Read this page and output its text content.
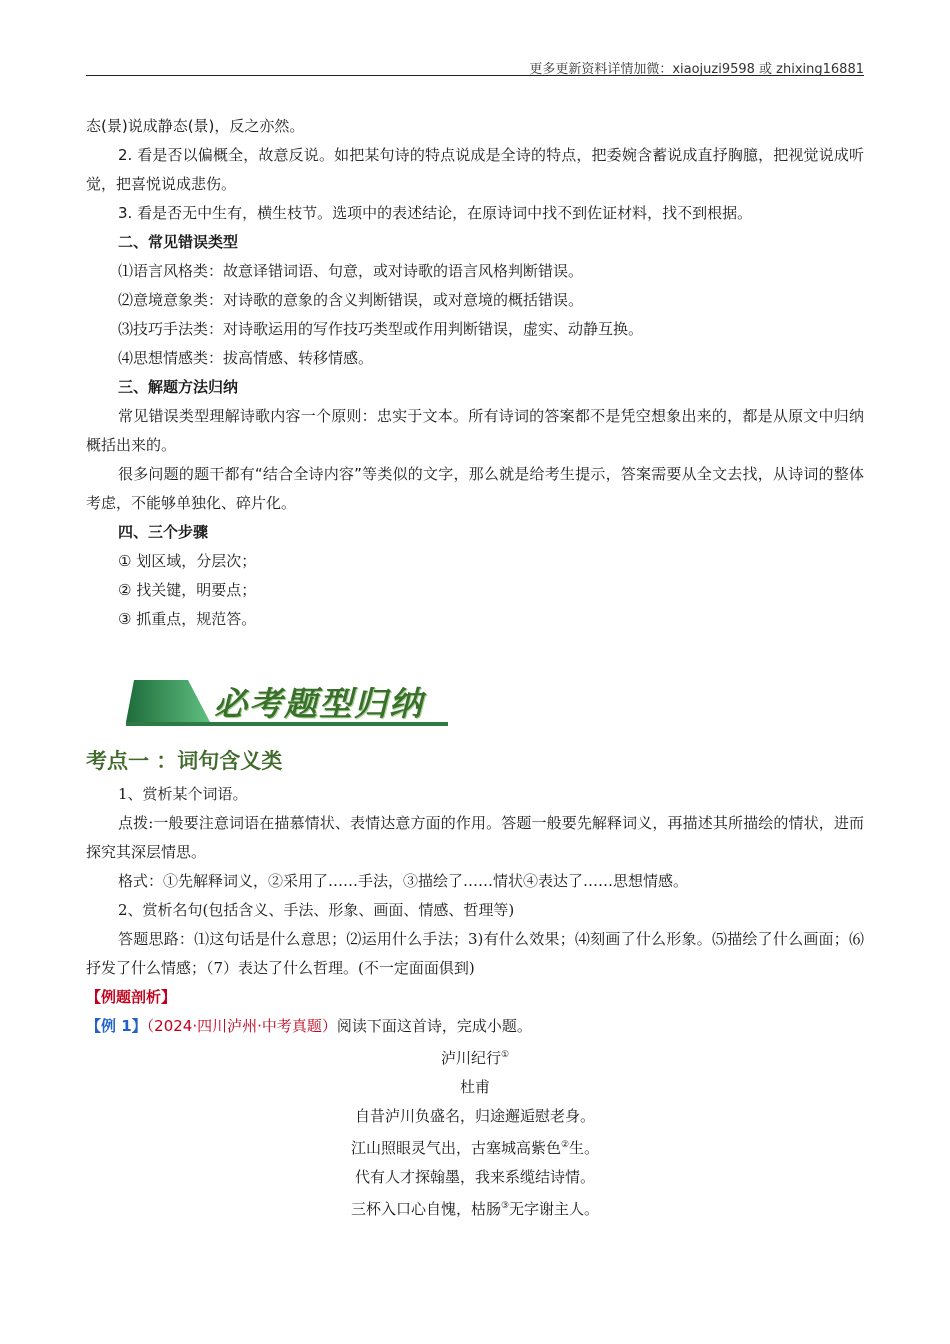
更多更新资料详情加微：xiaojuzi9598 或 zhixing16881

态(景)说成静态(景)，反之亦然。

2. 看是否以偏概全，故意反说。如把某句诗的特点说成是全诗的特点，把委婉含蓄说成直抒胸臆，把视觉说成听觉，把喜悦说成悲伤。

3. 看是否无中生有，横生枝节。选项中的表述结论，在原诗词中找不到佐证材料，找不到根据。

二、常见错误类型

⑴语言风格类：故意译错词语、句意，或对诗歌的语言风格判断错误。

⑵意境意象类：对诗歌的意象的含义判断错误，或对意境的概括错误。

⑶技巧手法类：对诗歌运用的写作技巧类型或作用判断错误，虚实、动静互换。

⑷思想情感类：拔高情感、转移情感。

三、解题方法归纳

常见错误类型理解诗歌内容一个原则：忠实于文本。所有诗词的答案都不是凭空想象出来的，都是从原文中归纳概括出来的。

很多问题的题干都有“结合全诗内容”等类似的文字，那么就是给考生提示，答案需要从全文去找，从诗词的整体考虑，不能够单独化、碎片化。

四、三个步骤

① 划区域，分层次；

② 找关键，明要点；

③ 抓重点，规范答。

必考题型归纳
考点一 ：词句含义类

1、赏析某个词语。

点拨:一般要注意词语在描慕情状、表情达意方面的作用。答题一般要先解释词义，再描述其所描绘的情状，进而探究其深层情思。

格式：①先解释词义，②采用了……手法，③描绘了……情状④表达了……思想情感。

2、赏析名句(包括含义、手法、形象、画面、情感、哲理等)

答题思路：⑴这句话是什么意思；⑵运用什么手法；3)有什么效果；⑷刻画了什么形象。⑸描绘了什么画面；⑹抒发了什么情感；（7）表达了什么哲理。(不一定面面俱到)

【例题剖析】

【例 1】（2024·四川泸州·中考真题）阅读下面这首诗，完成小题。

泸川纪行①

杜甫

自昔泸川负盛名，归途邂逅慰老身。

江山照眼灵气出，古塞城高紫色②生。

代有人才探翰墨，我来系缆结诗情。

三杯入口心自愧，枯肠③无字谢主人。
